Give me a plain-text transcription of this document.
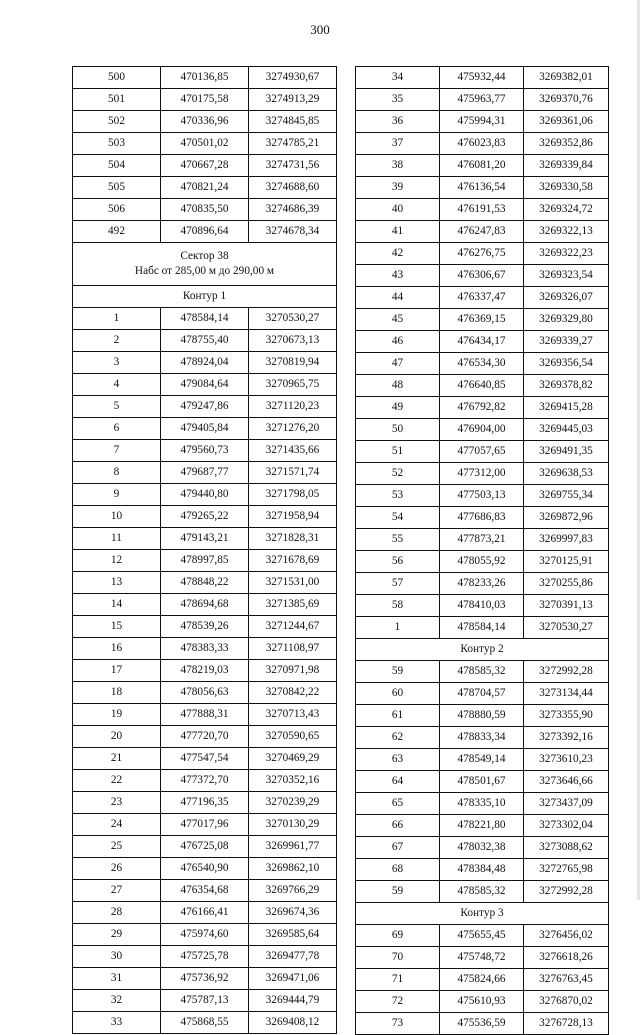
300
500	470136,85	3274930,67
501	470175,58	3274913,29
502	470336,96	3274845,85
503	470501,02	3274785,21
504	470667,28	3274731,56
505	470821,24	3274688,60
506	470835,50	3274686,39
492	470896,64	3274678,34

Сектор 38
Набс от 285,00 м до 290,00 м		

Контур 1		

1	478584,14	3270530,27
2	478755,40	3270673,13
3	478924,04	3270819,94
4	479084,64	3270965,75
5	479247,86	3271120,23
6	479405,84	3271276,20
7	479560,73	3271435,66
8	479687,77	3271571,74
9	479440,80	3271798,05
10	479265,22	3271958,94
11	479143,21	3271828,31
12	478997,85	3271678,69
13	478848,22	3271531,00
14	478694,68	3271385,69
15	478539,26	3271244,67
16	478383,33	3271108,97
17	478219,03	3270971,98
18	478056,63	3270842,22
19	477888,31	3270713,43
20	477720,70	3270590,65
21	477547,54	3270469,29
22	477372,70	3270352,16
23	477196,35	3270239,29
24	477017,96	3270130,29
25	476725,08	3269961,77
26	476540,90	3269862,10
27	476354,68	3269766,29
28	476166,41	3269674,36
29	475974,60	3269585,64
30	475725,78	3269477,78
31	475736,92	3269471,06
32	475787,13	3269444,79
33	475868,55	3269408,12
34	475932,44	3269382,01
35	475963,77	3269370,76
36	475994,31	3269361,06
37	476023,83	3269352,86
38	476081,20	3269339,84
39	476136,54	3269330,58
40	476191,53	3269324,72
41	476247,83	3269322,13
42	476276,75	3269322,23
43	476306,67	3269323,54
44	476337,47	3269326,07
45	476369,15	3269329,80
46	476434,17	3269339,27
47	476534,30	3269356,54
48	476640,85	3269378,82
49	476792,82	3269415,28
50	476904,00	3269445,03
51	477057,65	3269491,35
52	477312,00	3269638,53
53	477503,13	3269755,34
54	477686,83	3269872,96
55	477873,21	3269997,83
56	478055,92	3270125,91
57	478233,26	3270255,86
58	478410,03	3270391,13
1	478584,14	3270530,27

Контур 2		

59	478585,32	3272992,28
60	478704,57	3273134,44
61	478880,59	3273355,90
62	478833,34	3273392,16
63	478549,14	3273610,23
64	478501,67	3273646,66
65	478335,10	3273437,09
66	478221,80	3273302,04
67	478032,38	3273088,62
68	478384,48	3272765,98
59	478585,32	3272992,28

Контур 3		

69	475655,45	3276456,02
70	475748,72	3276618,26
71	475824,66	3276763,45
72	475610,93	3276870,02
73	475536,59	3276728,13
